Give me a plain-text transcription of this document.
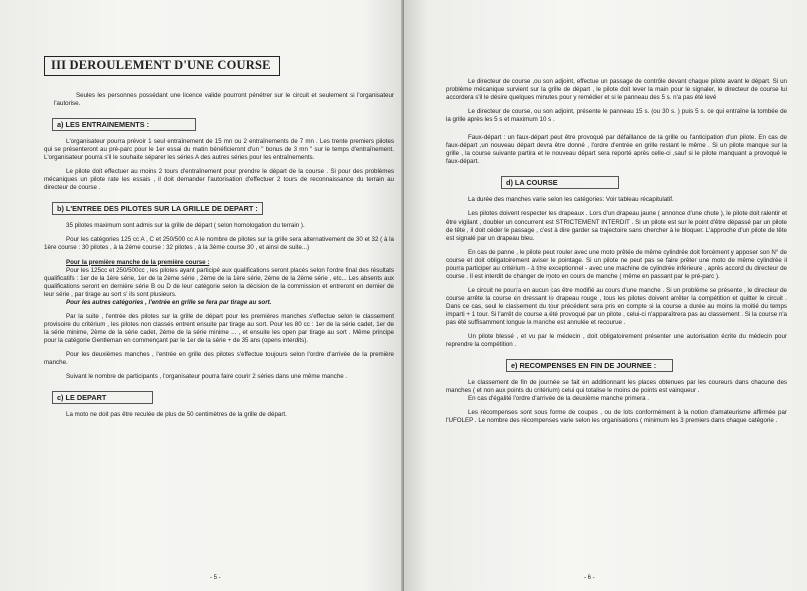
III DEROULEMENT D'UNE COURSE

Seules les personnes possédant une licence valide pourront pénétrer sur le circuit et seulement si l'organisateur l'autorise.

a) LES ENTRAINEMENTS :

L'organisateur pourra prévoir 1 seul entraînement de 15 mn ou 2 entraînements de 7 mn . Les trente premiers pilotes qui se présenteront au pré-parc pour le 1er essai du matin bénéficieront d'un " bonus de 3 mn " sur le temps d'entraînement. L'organisateur pourra s'il le souhaite séparer les séries A des autres séries pour les entraînements.

Le pilote doit effectuer au moins 2 tours d'entraînement pour prendre le départ de la course . Si pour des problèmes mécaniques un pilote rate les essais , il doit demander l'autorisation d'effectuer 2 tours de reconnaissance du terrain au directeur de course .

b) L'ENTREE DES PILOTES SUR LA GRILLE DE DEPART :

35 pilotes maximum sont admis sur la grille de départ ( selon homologation du terrain ).

Pour les catégories 125 cc A , C et 250/500 cc A le nombre de pilotes sur la grille sera alternativement de 30 et 32 ( à la 1ère course : 30 pilotes , à la 2ème course : 32 pilotes , à la 3ème course 30 , et ainsi de suite...)

Pour la première manche de la première course :

Pour les 125cc et 250/500cc , les pilotes ayant participé aux qualifications seront placés selon l'ordre final des résultats qualificatifs : 1er de la 1ère série, 1er de la 2ème série , 2ème de la 1ère série, 2ème de la 2ème série , etc... Les absents aux qualifications seront en dernière série B ou D de leur catégorie selon la décision de la commission et entreront en dernier de leur série , par tirage au sort s' ils sont plusieurs.

Pour les autres catégories , l'entrée en grille se fera par tirage au sort.

Par la suite , l'entrée des pilotes sur la grille de départ pour les premières manches s'effectue selon le classement provisoire du critérium , les pilotes non classés entrent ensuite par tirage au sort. Pour les 80 cc : 1er de la série cadet, 1er de la série minime, 2ème de la série cadet, 2ème de la série minime ... , et ensuite les open par tirage au sort . Même principe pour la catégorie Gentleman en commençant par le 1er de la série + de 35 ans (opens interdits).

Pour les deuxièmes manches , l'entrée en grille des pilotes s'effectue toujours selon l'ordre d'arrivée de la première manche.

Suivant le nombre de participants , l'organisateur pourra faire courir 2 séries dans une même manche .

c) LE DEPART

La moto ne doit pas être reculée de plus de 50 centimètres de la grille de départ.

- 5 -

Le directeur de course ,ou son adjoint, effectue un passage de contrôle devant chaque pilote avant le départ. Si un problème mécanique survient sur la grille de départ , le pilote doit lever la main pour le signaler, le directeur de course lui accordera s'il le désire quelques minutes pour y remédier et si le panneau des 5 s. n'a pas été levé

Le directeur de course, ou son adjoint, présente le panneau 15 s. (ou 30 s. ) puis 5 s. ce qui entraîne la tombée de la grille après les 5 s et maximum 10 s .

Faux-départ : un faux-départ peut être provoqué par défaillance de la grille ou l'anticipation d'un pilote. En cas de faux-départ ,un nouveau départ devra être donné , l'ordre d'entrée en grille restant le même . Si un pilote manque sur la grille , la course suivante partira et le nouveau départ sera reporté après celle-ci ,sauf si le pilote manquant a provoqué le faux-départ.

d) LA COURSE

La durée des manches varie selon les catégories: Voir tableau récapitulatif.

Les pilotes doivent respecter les drapeaux . Lors d'un drapeau jaune ( annonce d'une chute ), le pilote doit ralentir et être vigilant , doubler un concurrent est STRICTEMENT INTERDIT . Si un pilote est sur le point d'être dépassé par un pilote de tête , il doit céder le passage , c'est à dire garder sa trajectoire sans chercher à le bloquer. L'approche d'un pilote de tête est signalé par un drapeau bleu.

En cas de panne , le pilote peut rouler avec une moto prêtée de même cylindrée doit forcément y apposer son N° de course et doit obligatoirement aviser le pointage. Si un pilote ne peut pas se faire prêter une moto de même cylindrée il pourra participer au critérium - à titre exceptionnel - avec une machine de cylindrée inférieure , après accord du directeur de course . Il est interdit de changer de moto en cours de manche ( même en passant par le pré-parc ).

Le circuit ne pourra en aucun cas être modifié au cours d'une manche . Si un problème se présente , le directeur de course arrête la course en dressant le drapeau rouge , tous les pilotes doivent arrêter la compétition et quitter le circuit . Dans ce cas, seul le classement du tour précédent sera pris en compte si la course a durée au moins la moitié du temps imparti + 1 tour. Si l'arrêt de course a été provoqué par un pilote , celui-ci n'apparaîtrera pas au classement . Si la course n'a pas été suffisamment longue la manche est annulée et recourue .

Un pilote blessé , et vu par le médecin , doit obligatoirement présenter une autorisation écrite du médecin pour reprendre la compétition .

e) RECOMPENSES EN FIN DE JOURNEE :

Le classement de fin de journée se fait en additionnant les places obtenues par les coureurs dans chacune des manches ( et non aux points du critérium) celui qui totalise le moins de points est vainqueur .

En cas d'égalité l'ordre d'arrivée de la deuxième manche primera .

Les récompenses sont sous forme de coupes , ou de lots conformément à la notion d'amateurisme affirmée par l'UFOLEP . Le nombre des récompenses varie selon les organisations ( minimum les 3 premiers dans chaque catégorie .

- 6 -
